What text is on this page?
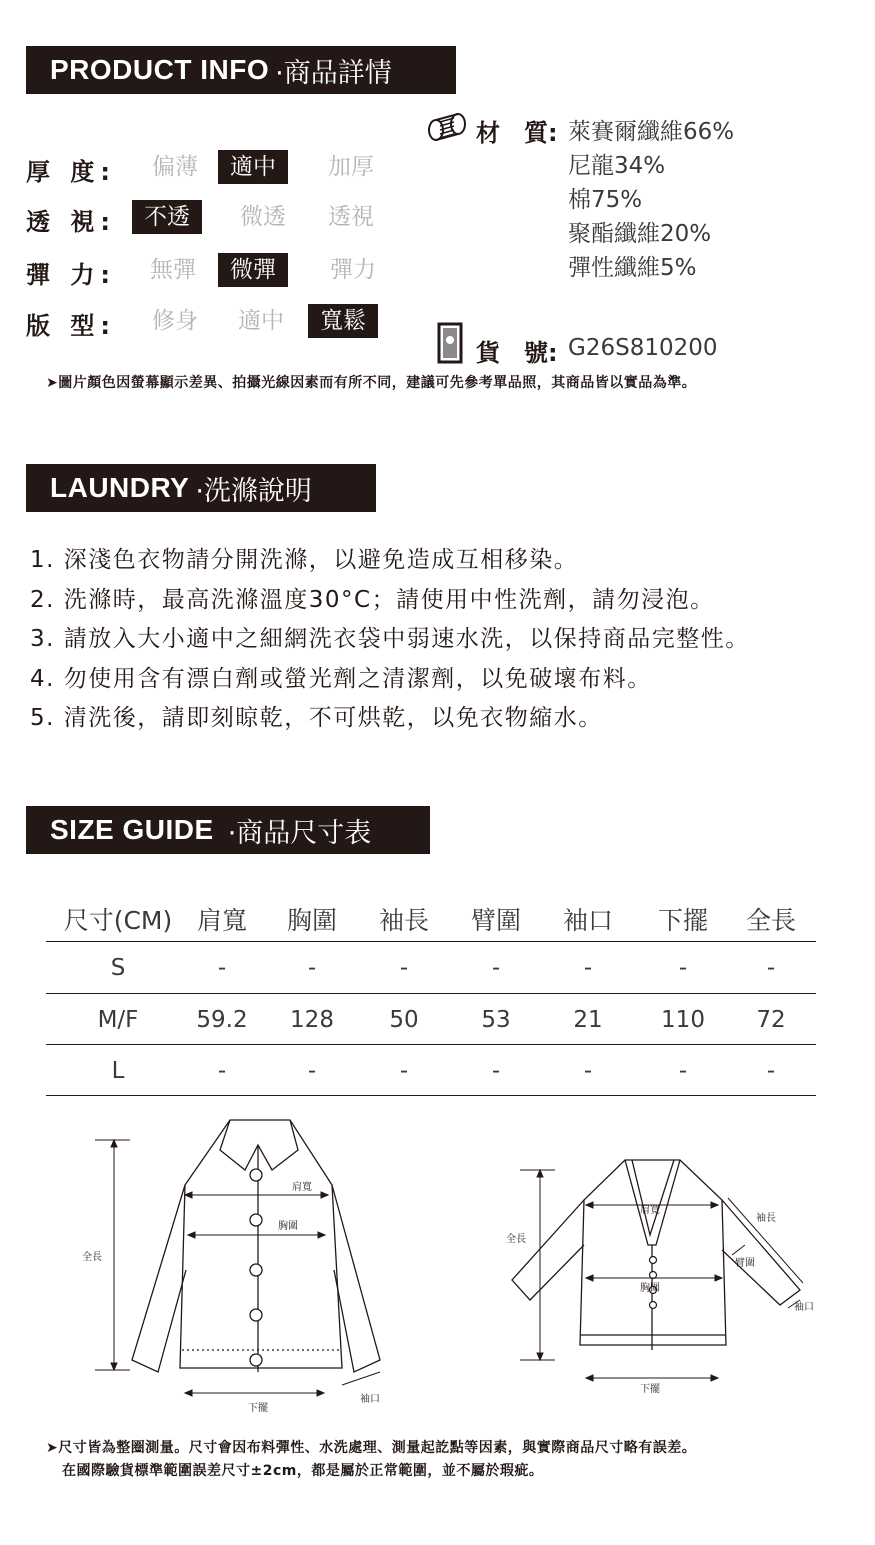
PRODUCT INFO ·商品詳情
厚 度:	偏薄	適中	加厚
透 視:	不透	微透	透視
彈 力:	無彈	微彈	彈力
版 型:	修身	適中	寬鬆
材　質: 萊賽爾纖維66%
尼龍34%
棉75%
聚酯纖維20%
彈性纖維5%
貨　號: G26S810200
➤圖片顏色因螢幕顯示差異、拍攝光線因素而有所不同，建議可先參考單品照，其商品皆以實品為準。
LAUNDRY ·洗滌說明
1. 深淺色衣物請分開洗滌，以避免造成互相移染。
2. 洗滌時，最高洗滌溫度30°C；請使用中性洗劑，請勿浸泡。
3. 請放入大小適中之細網洗衣袋中弱速水洗，以保持商品完整性。
4. 勿使用含有漂白劑或螢光劑之清潔劑，以免破壞布料。
5. 清洗後，請即刻晾乾，不可烘乾，以免衣物縮水。
SIZE GUIDE ·商品尺寸表
尺寸(CM) 肩寬	胸圍	袖長	臂圍	袖口	下擺	全長
S	-	-	-	-	-	-	-
M/F	59.2	128	50	53	21	110	72
L	-	-	-	-	-	-	-
肩寬
胸圍
全長
下擺
袖口
肩寬
胸圍
全長
下擺
袖長
臂圍
袖口
➤尺寸皆為整圈測量。尺寸會因布料彈性、水洗處理、測量起訖點等因素，與實際商品尺寸略有誤差。
在國際驗貨標準範圍誤差尺寸±2cm，都是屬於正常範圍，並不屬於瑕疵。
